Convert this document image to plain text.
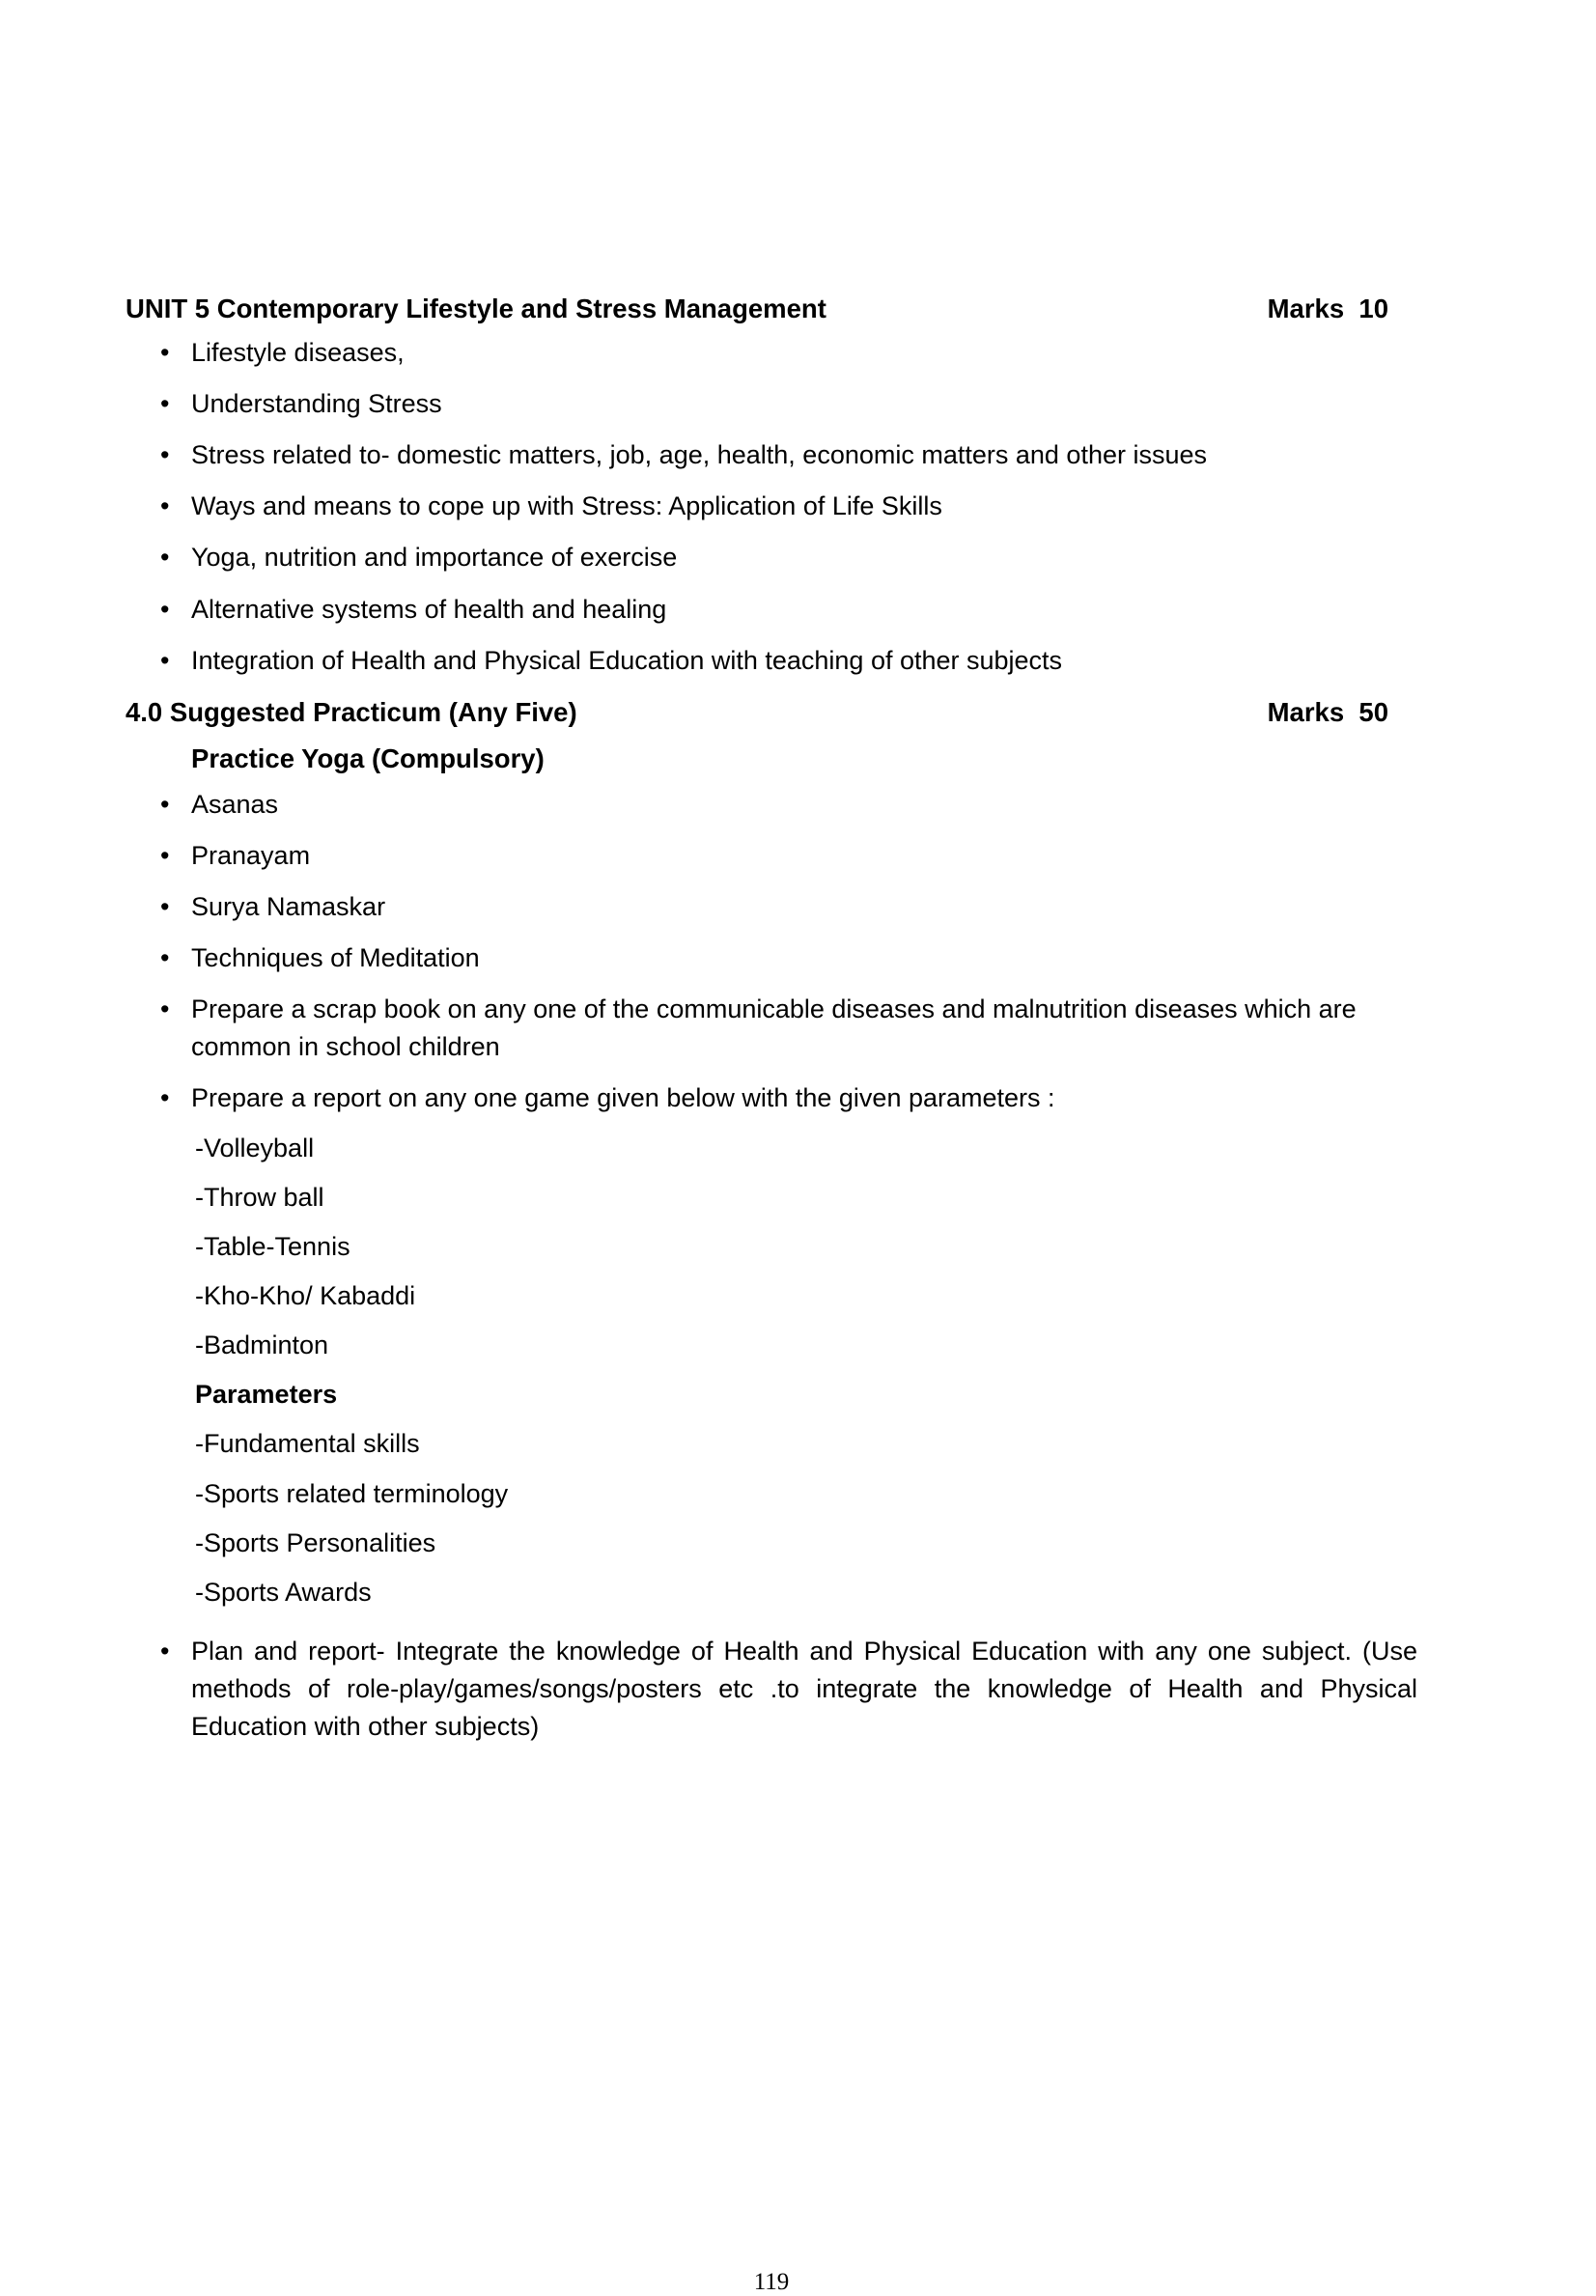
UNIT 5 Contemporary Lifestyle and Stress Management	Marks  10
• Lifestyle diseases,
• Understanding Stress
• Stress related to- domestic matters, job, age, health, economic matters and other issues
• Ways and means to cope up with Stress: Application of Life Skills
• Yoga, nutrition and importance of exercise
• Alternative systems of health and healing
• Integration of Health and Physical Education with teaching of other subjects
4.0 Suggested Practicum (Any Five)	Marks  50
Practice Yoga (Compulsory)
• Asanas
• Pranayam
• Surya Namaskar
• Techniques of Meditation
• Prepare a scrap book on any one of the communicable diseases and malnutrition diseases which are common in school children
• Prepare a report on any one game given below with the given parameters :
-Volleyball
-Throw ball
-Table-Tennis
-Kho-Kho/ Kabaddi
-Badminton
Parameters
-Fundamental skills
-Sports related terminology
-Sports Personalities
-Sports Awards
• Plan and report- Integrate the knowledge of Health and Physical Education with any one subject. (Use methods of role-play/games/songs/posters etc .to integrate the knowledge of Health and Physical Education with other subjects)
119
